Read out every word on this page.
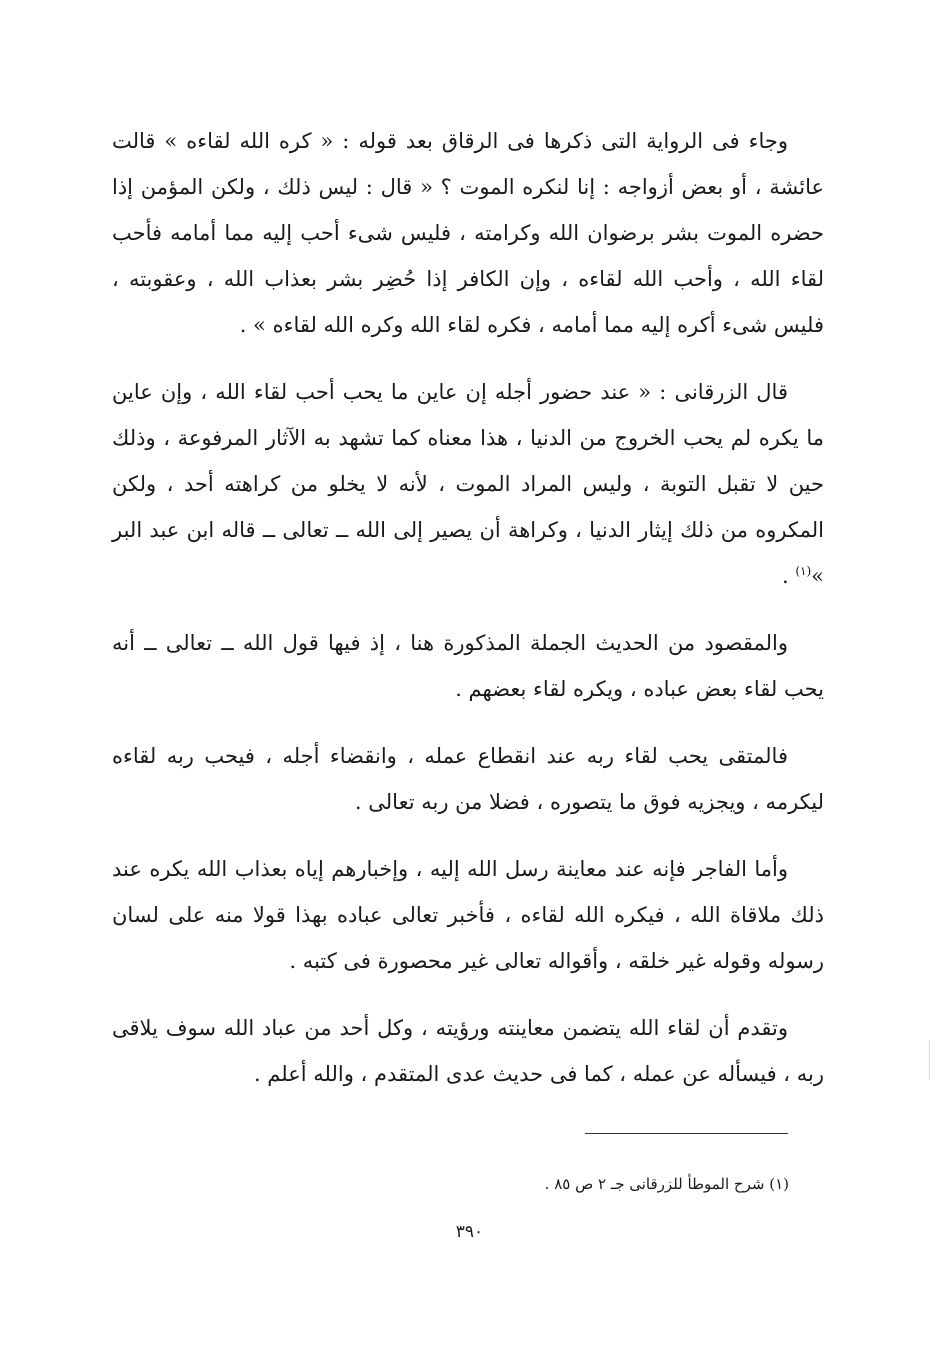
وجاء فى الرواية التى ذكرها فى الرقاق بعد قوله : « كره الله لقاءه » قالت عائشة ، أو بعض أزواجه : إنا لنكره الموت ؟ « قال : ليس ذلك ، ولكن المؤمن إذا حضره الموت بشر برضوان الله وكرامته ، فليس شىء أحب إليه مما أمامه فأحب لقاء الله ، وأحب الله لقاءه ، وإن الكافر إذا حُضِر بشر بعذاب الله ، وعقوبته ، فليس شىء أكره إليه مما أمامه ، فكره لقاء الله وكره الله لقاءه » .

قال الزرقانى : « عند حضور أجله إن عاين ما يحب أحب لقاء الله ، وإن عاين ما يكره لم يحب الخروج من الدنيا ، هذا معناه كما تشهد به الآثار المرفوعة ، وذلك حين لا تقبل التوبة ، وليس المراد الموت ، لأنه لا يخلو من كراهته أحد ، ولكن المكروه من ذلك إيثار الدنيا ، وكراهة أن يصير إلى الله ــ تعالى ــ قاله ابن عبد البر »$^{(١)}$ .

والمقصود من الحديث الجملة المذكورة هنا ، إذ فيها قول الله ــ تعالى ــ أنه يحب لقاء بعض عباده ، ويكره لقاء بعضهم .

فالمتقى يحب لقاء ربه عند انقطاع عمله ، وانقضاء أجله ، فيحب ربه لقاءه ليكرمه ، ويجزيه فوق ما يتصوره ، فضلا من ربه تعالى .

وأما الفاجر فإنه عند معاينة رسل الله إليه ، وإخبارهم إياه بعذاب الله يكره عند ذلك ملاقاة الله ، فيكره الله لقاءه ، فأخبر تعالى عباده بهذا قولا منه على لسان رسوله وقوله غير خلقه ، وأقواله تعالى غير محصورة فى كتبه .

وتقدم أن لقاء الله يتضمن معاينته ورؤيته ، وكل أحد من عباد الله سوف يلاقى ربه ، فيسأله عن عمله ، كما فى حديث عدى المتقدم ، والله أعلم .

(١) شرح الموطأ للزرقانى جـ ٢ ص ٨٥ .
٣٩٠
